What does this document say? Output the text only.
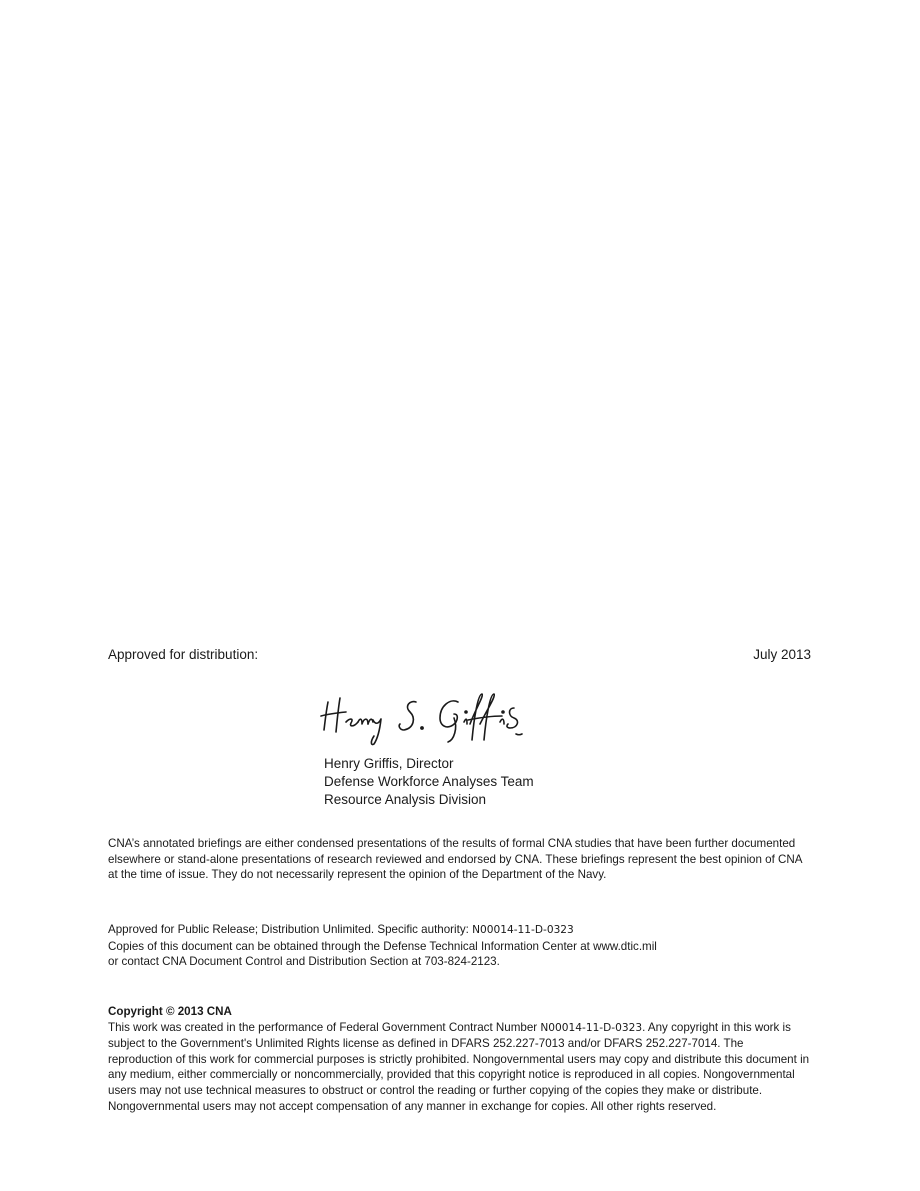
Approved for distribution:	July 2013
Henry Griffis, Director
Defense Workforce Analyses Team
Resource Analysis Division
CNA’s annotated briefings are either condensed presentations of the results of formal CNA studies that have been further documented elsewhere or stand-alone presentations of research reviewed and endorsed by CNA. These briefings represent the best opinion of CNA at the time of issue. They do not necessarily represent the opinion of the Department of the Navy.
Approved for Public Release; Distribution Unlimited. Specific authority: N00014-11-D-0323
Copies of this document can be obtained through the Defense Technical Information Center at www.dtic.mil
or contact CNA Document Control and Distribution Section at 703-824-2123.
Copyright © 2013 CNA
This work was created in the performance of Federal Government Contract Number N00014-11-D-0323. Any copyright in this work is subject to the Government's Unlimited Rights license as defined in DFARS 252.227-7013 and/or DFARS 252.227-7014. The reproduction of this work for commercial purposes is strictly prohibited. Nongovernmental users may copy and distribute this document in any medium, either commercially or noncommercially, provided that this copyright notice is reproduced in all copies. Nongovernmental users may not use technical measures to obstruct or control the reading or further copying of the copies they make or distribute. Nongovernmental users may not accept compensation of any manner in exchange for copies. All other rights reserved.
